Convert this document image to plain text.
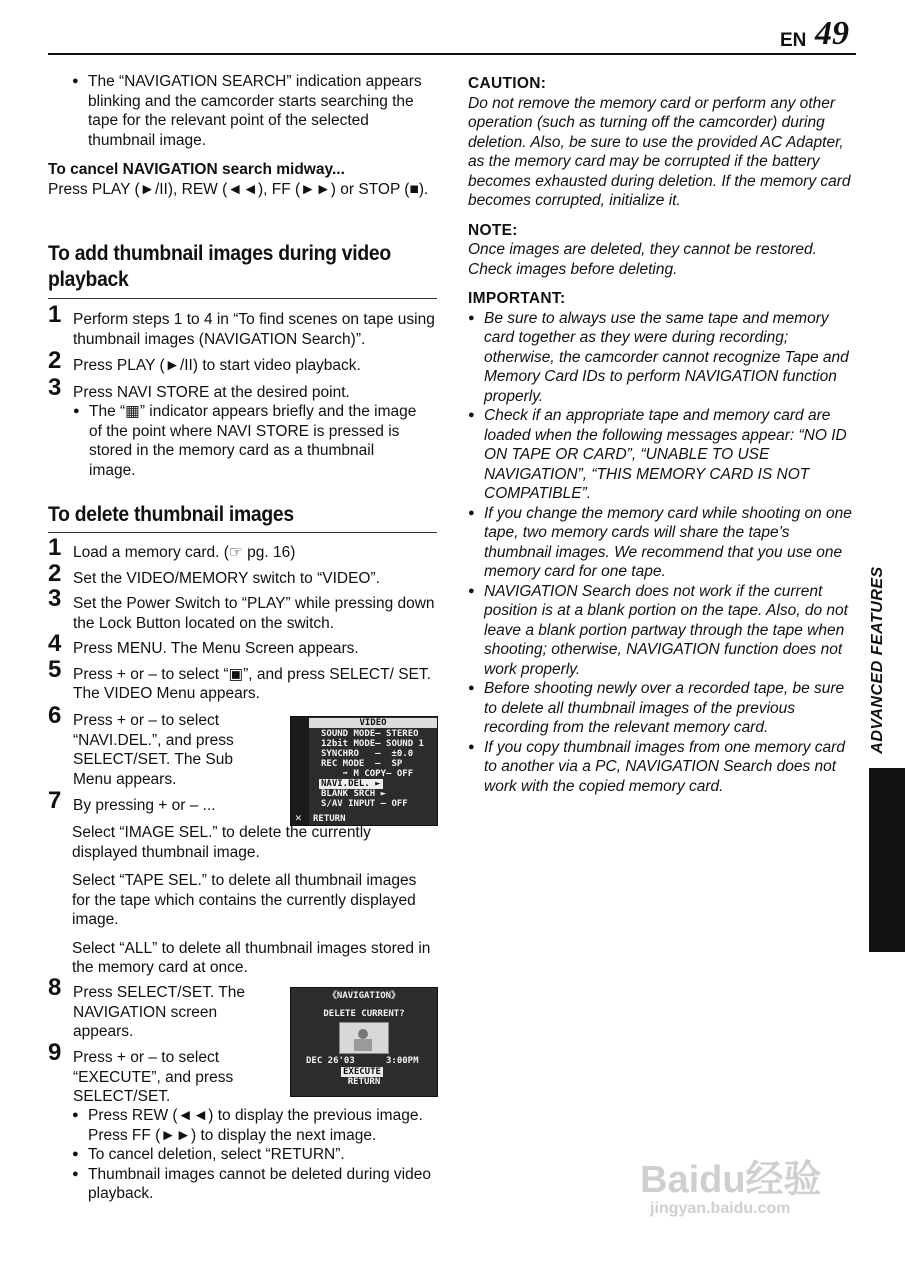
EN 49
● The “NAVIGATION SEARCH” indication appears blinking and the camcorder starts searching the tape for the relevant point of the selected thumbnail image.
To cancel NAVIGATION search midway...
Press PLAY (►/II), REW (◄◄), FF (►►) or STOP (■).
To add thumbnail images during video playback
1 Perform steps 1 to 4 in “To find scenes on tape using thumbnail images (NAVIGATION Search)”.
2 Press PLAY (►/II) to start video playback.
3 Press NAVI STORE at the desired point.
● The “▦” indicator appears briefly and the image of the point where NAVI STORE is pressed is stored in the memory card as a thumbnail image.
To delete thumbnail images
1 Load a memory card. (☞ pg. 16)
2 Set the VIDEO/MEMORY switch to “VIDEO”.
3 Set the Power Switch to “PLAY” while pressing down the Lock Button located on the switch.
4 Press MENU. The Menu Screen appears.
5 Press + or – to select “▣”, and press SELECT/ SET. The VIDEO Menu appears.
6 Press + or – to select “NAVI.DEL.”, and press SELECT/SET. The Sub Menu appears.
7 By pressing + or – ...
VIDEO
SOUND MODE– STEREO
12bit MODE– SOUND 1
SYNCHRO   –  ±0.0
REC MODE  –  SP
➡ M COPY– OFF
NAVI.DEL. ►
BLANK SRCH ►
S/AV INPUT – OFF
✕ RETURN
Select “IMAGE SEL.” to delete the currently displayed thumbnail image.
Select “TAPE SEL.” to delete all thumbnail images for the tape which contains the currently displayed image.
Select “ALL” to delete all thumbnail images stored in the memory card at once.
8 Press SELECT/SET. The NAVIGATION screen appears.
9 Press + or – to select “EXECUTE”, and press SELECT/SET.
《NAVIGATION》
DELETE CURRENT?
DEC 26'03	3:00PM
EXECUTE
RETURN
● Press REW (◄◄) to display the previous image. Press FF (►►) to display the next image.
● To cancel deletion, select “RETURN”.
● Thumbnail images cannot be deleted during video playback.
CAUTION:
Do not remove the memory card or perform any other operation (such as turning off the camcorder) during deletion. Also, be sure to use the provided AC Adapter, as the memory card may be corrupted if the battery becomes exhausted during deletion. If the memory card becomes corrupted, initialize it.
NOTE:
Once images are deleted, they cannot be restored. Check images before deleting.
IMPORTANT:
● Be sure to always use the same tape and memory card together as they were during recording; otherwise, the camcorder cannot recognize Tape and Memory Card IDs to perform NAVIGATION function properly.
● Check if an appropriate tape and memory card are loaded when the following messages appear: “NO ID ON TAPE OR CARD”, “UNABLE TO USE NAVIGATION”, “THIS MEMORY CARD IS NOT COMPATIBLE”.
● If you change the memory card while shooting on one tape, two memory cards will share the tape’s thumbnail images. We recommend that you use one memory card for one tape.
● NAVIGATION Search does not work if the current position is at a blank portion on the tape. Also, do not leave a blank portion partway through the tape when shooting; otherwise, NAVIGATION function does not work properly.
● Before shooting newly over a recorded tape, be sure to delete all thumbnail images of the previous recording from the relevant memory card.
● If you copy thumbnail images from one memory card to another via a PC, NAVIGATION Search does not work with the copied memory card.
ADVANCED FEATURES
Baidu经验
jingyan.baidu.com
